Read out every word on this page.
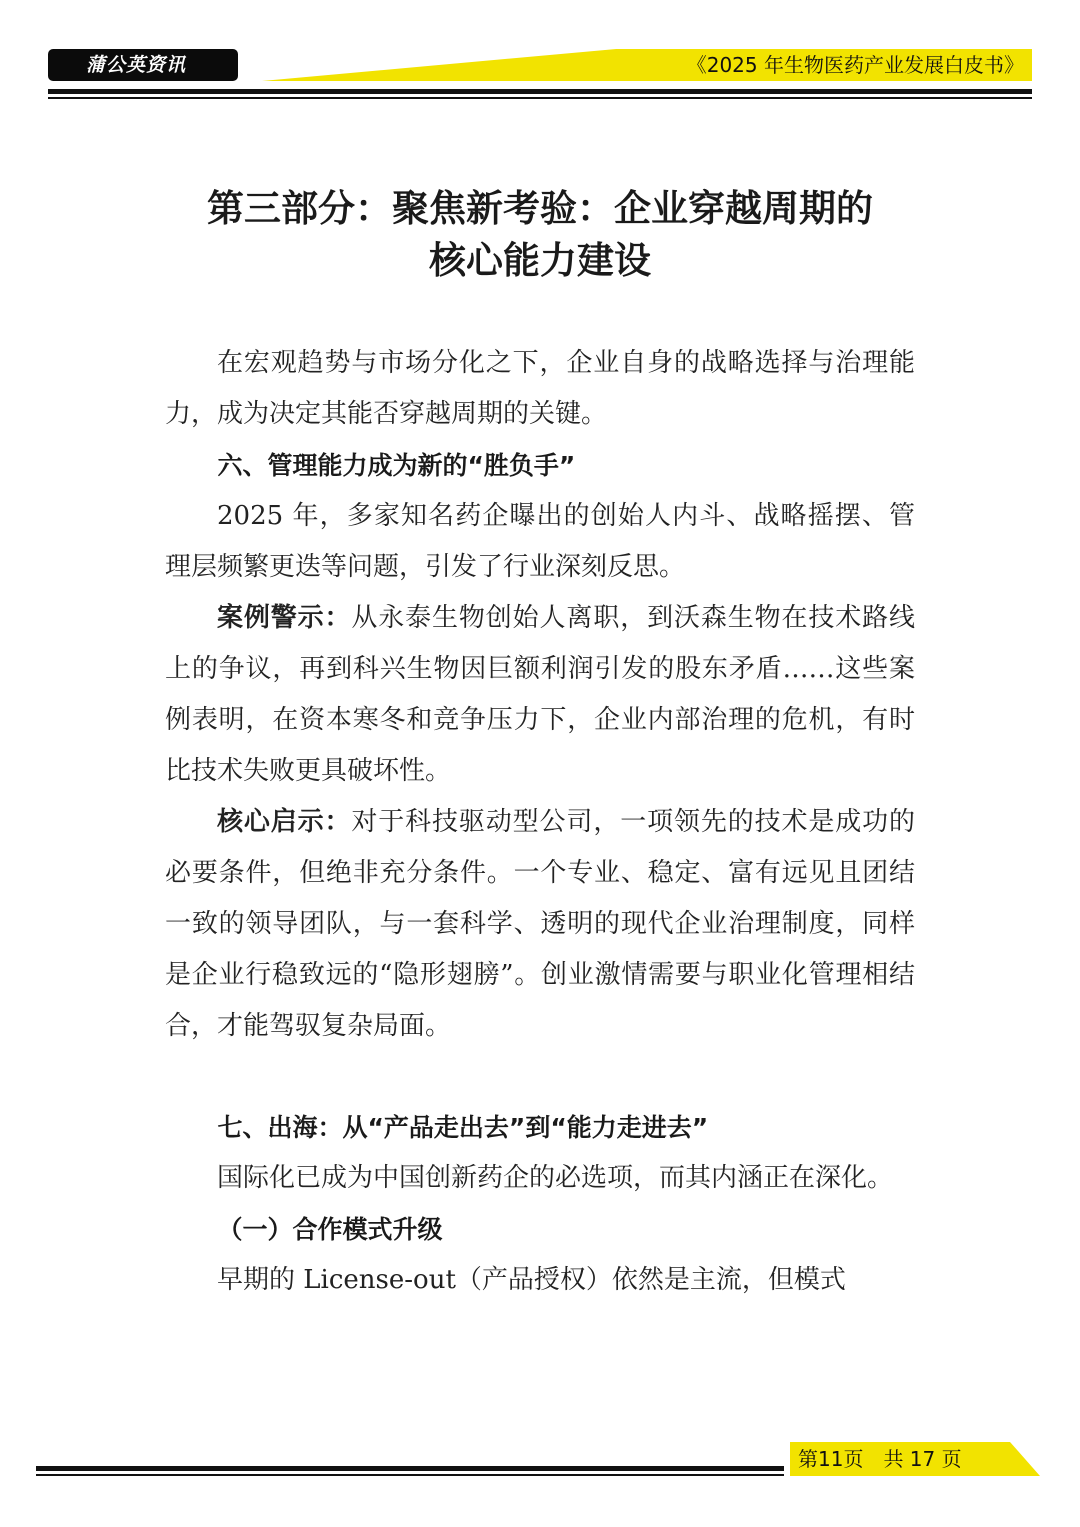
蒲公英资讯	《2025 年生物医药产业发展白皮书》
第三部分：聚焦新考验：企业穿越周期的
核心能力建设

在宏观趋势与市场分化之下，企业自身的战略选择与治理能力，成为决定其能否穿越周期的关键。

六、管理能力成为新的“胜负手”

2025 年，多家知名药企曝出的创始人内斗、战略摇摆、管理层频繁更迭等问题，引发了行业深刻反思。

案例警示：从永泰生物创始人离职，到沃森生物在技术路线上的争议，再到科兴生物因巨额利润引发的股东矛盾……这些案例表明，在资本寒冬和竞争压力下，企业内部治理的危机，有时比技术失败更具破坏性。

核心启示：对于科技驱动型公司，一项领先的技术是成功的必要条件，但绝非充分条件。一个专业、稳定、富有远见且团结一致的领导团队，与一套科学、透明的现代企业治理制度，同样是企业行稳致远的“隐形翅膀”。创业激情需要与职业化管理相结合，才能驾驭复杂局面。

七、出海：从“产品走出去”到“能力走进去”

国际化已成为中国创新药企的必选项，而其内涵正在深化。

（一）合作模式升级

早期的 License-out（产品授权）依然是主流，但模式

第11页　共 17 页
